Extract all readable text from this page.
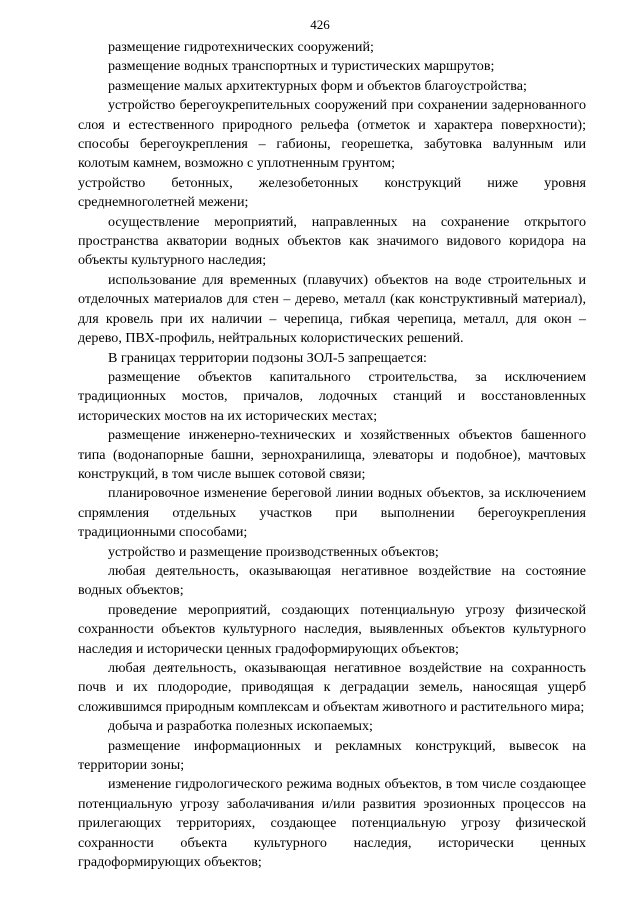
426

размещение гидротехнических сооружений;

размещение водных транспортных и туристических маршрутов;

размещение малых архитектурных форм и объектов благоустройства;

устройство берегоукрепительных сооружений при сохранении задернованного слоя и естественного природного рельефа (отметок и характера поверхности); способы берегоукрепления – габионы, георешетка, забутовка валунным или колотым камнем, возможно с уплотненным грунтом;

устройство бетонных, железобетонных конструкций ниже уровня среднемноголетней межени;

осуществление мероприятий, направленных на сохранение открытого пространства акватории водных объектов как значимого видового коридора на объекты культурного наследия;

использование для временных (плавучих) объектов на воде строительных и отделочных материалов для стен – дерево, металл (как конструктивный материал), для кровель при их наличии – черепица, гибкая черепица, металл, для окон – дерево, ПВХ-профиль, нейтральных колористических решений.

В границах территории подзоны ЗОЛ-5 запрещается:

размещение объектов капитального строительства, за исключением традиционных мостов, причалов, лодочных станций и восстановленных исторических мостов на их исторических местах;

размещение инженерно-технических и хозяйственных объектов башенного типа (водонапорные башни, зернохранилища, элеваторы и подобное), мачтовых конструкций, в том числе вышек сотовой связи;

планировочное изменение береговой линии водных объектов, за исключением спрямления отдельных участков при выполнении берегоукрепления традиционными способами;

устройство и размещение производственных объектов;

любая деятельность, оказывающая негативное воздействие на состояние водных объектов;

проведение мероприятий, создающих потенциальную угрозу физической сохранности объектов культурного наследия, выявленных объектов культурного наследия и исторически ценных градоформирующих объектов;

любая деятельность, оказывающая негативное воздействие на сохранность почв и их плодородие, приводящая к деградации земель, наносящая ущерб сложившимся природным комплексам и объектам животного и растительного мира;

добыча и разработка полезных ископаемых;

размещение информационных и рекламных конструкций, вывесок на территории зоны;

изменение гидрологического режима водных объектов, в том числе создающее потенциальную угрозу заболачивания и/или развития эрозионных процессов на прилегающих территориях, создающее потенциальную угрозу физической сохранности объекта культурного наследия, исторически ценных градоформирующих объектов;
